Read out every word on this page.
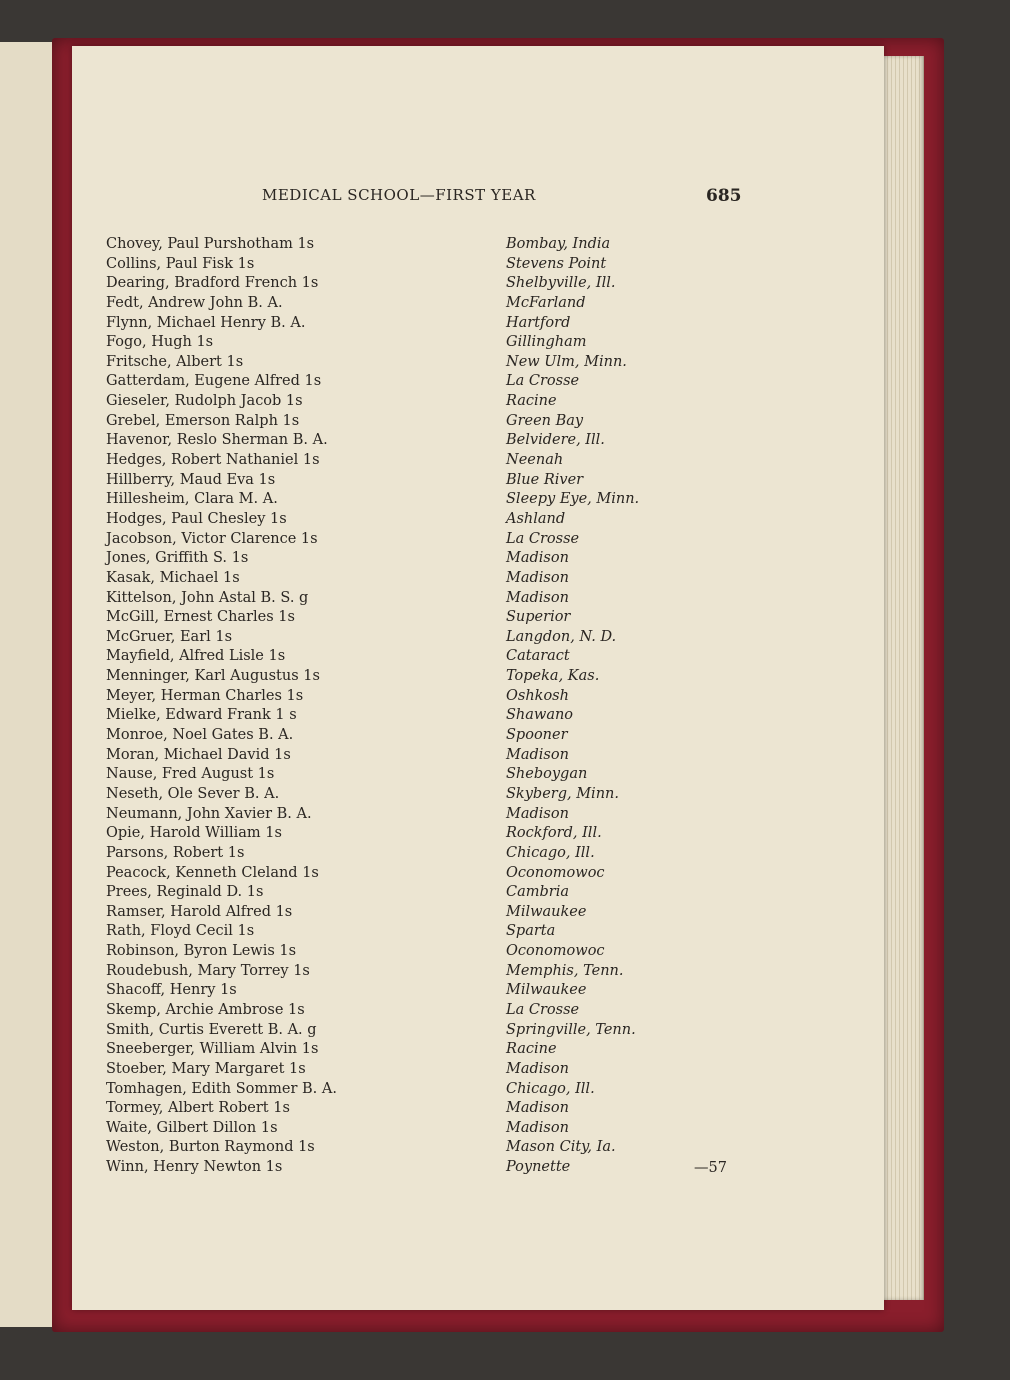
MEDICAL SCHOOL—FIRST YEAR	685
Chovey, Paul Purshotham 1s	Bombay, India
Collins, Paul Fisk 1s	Stevens Point
Dearing, Bradford French 1s	Shelbyville, Ill.
Fedt, Andrew John B. A.	McFarland
Flynn, Michael Henry B. A.	Hartford
Fogo, Hugh 1s	Gillingham
Fritsche, Albert 1s	New Ulm, Minn.
Gatterdam, Eugene Alfred 1s	La Crosse
Gieseler, Rudolph Jacob 1s	Racine
Grebel, Emerson Ralph 1s	Green Bay
Havenor, Reslo Sherman B. A.	Belvidere, Ill.
Hedges, Robert Nathaniel 1s	Neenah
Hillberry, Maud Eva 1s	Blue River
Hillesheim, Clara M. A.	Sleepy Eye, Minn.
Hodges, Paul Chesley 1s	Ashland
Jacobson, Victor Clarence 1s	La Crosse
Jones, Griffith S. 1s	Madison
Kasak, Michael 1s	Madison
Kittelson, John Astal B. S. g	Madison
McGill, Ernest Charles 1s	Superior
McGruer, Earl 1s	Langdon, N. D.
Mayfield, Alfred Lisle 1s	Cataract
Menninger, Karl Augustus 1s	Topeka, Kas.
Meyer, Herman Charles 1s	Oshkosh
Mielke, Edward Frank 1 s	Shawano
Monroe, Noel Gates B. A.	Spooner
Moran, Michael David 1s	Madison
Nause, Fred August 1s	Sheboygan
Neseth, Ole Sever B. A.	Skyberg, Minn.
Neumann, John Xavier B. A.	Madison
Opie, Harold William 1s	Rockford, Ill.
Parsons, Robert 1s	Chicago, Ill.
Peacock, Kenneth Cleland 1s	Oconomowoc
Prees, Reginald D. 1s	Cambria
Ramser, Harold Alfred 1s	Milwaukee
Rath, Floyd Cecil 1s	Sparta
Robinson, Byron Lewis 1s	Oconomowoc
Roudebush, Mary Torrey 1s	Memphis, Tenn.
Shacoff, Henry 1s	Milwaukee
Skemp, Archie Ambrose 1s	La Crosse
Smith, Curtis Everett B. A. g	Springville, Tenn.
Sneeberger, William Alvin 1s	Racine
Stoeber, Mary Margaret 1s	Madison
Tomhagen, Edith Sommer B. A.	Chicago, Ill.
Tormey, Albert Robert 1s	Madison
Waite, Gilbert Dillon 1s	Madison
Weston, Burton Raymond 1s	Mason City, Ia.
Winn, Henry Newton 1s	Poynette	—57
